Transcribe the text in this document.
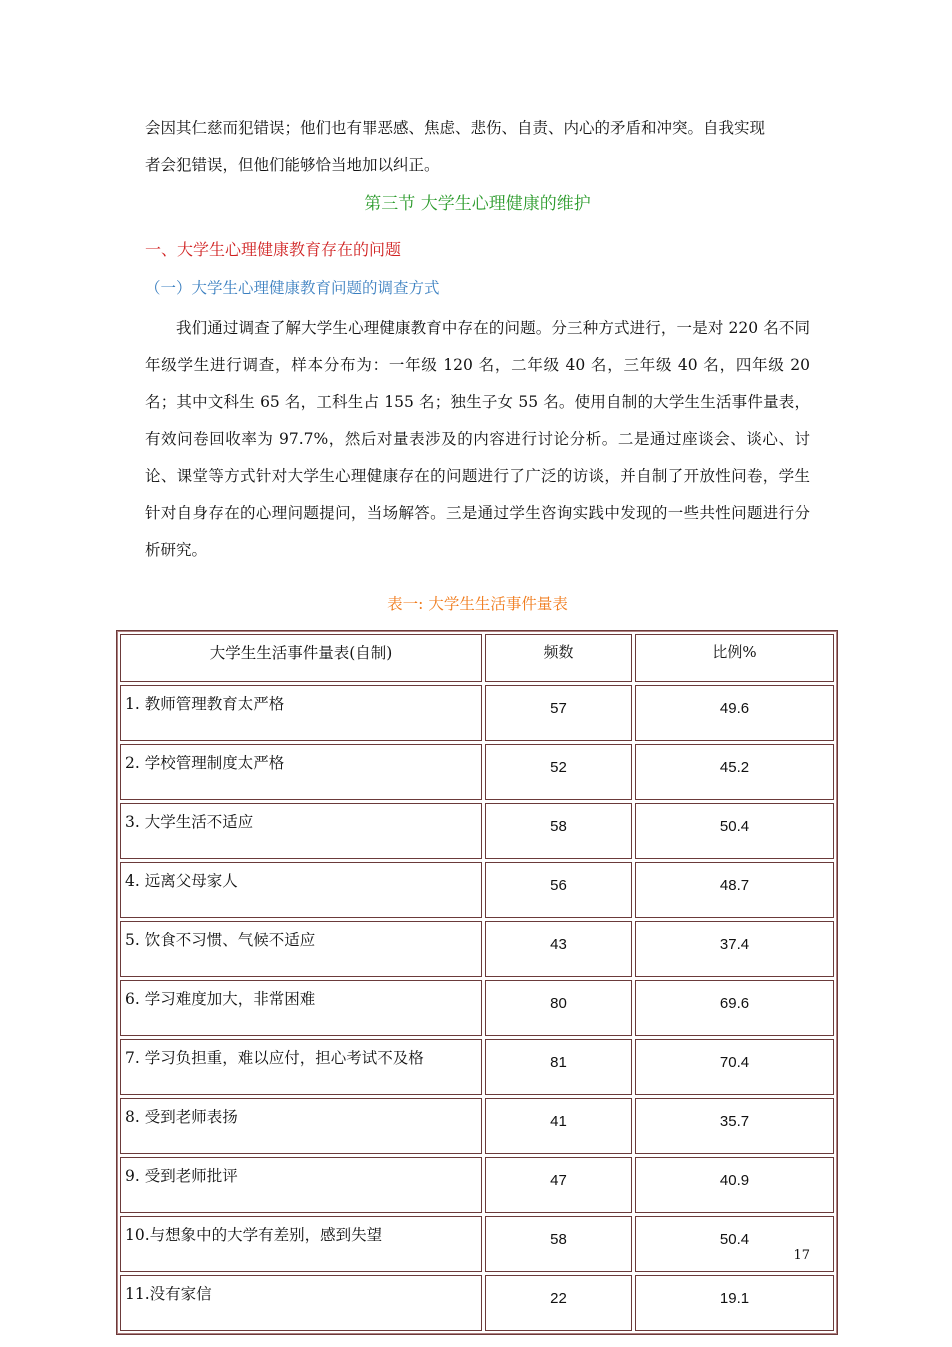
会因其仁慈而犯错误；他们也有罪恶感、焦虑、悲伤、自责、内心的矛盾和冲突。自我实现

者会犯错误，但他们能够恰当地加以纠正。

第三节 大学生心理健康的维护
一、大学生心理健康教育存在的问题
（一）大学生心理健康教育问题的调查方式

我们通过调查了解大学生心理健康教育中存在的问题。分三种方式进行，一是对 220 名不同年级学生进行调查，样本分布为：一年级 120 名，二年级 40 名，三年级 40 名，四年级 20 名；其中文科生 65 名，工科生占 155 名；独生子女 55 名。使用自制的大学生生活事件量表，有效问卷回收率为 97.7%，然后对量表涉及的内容进行讨论分析。二是通过座谈会、谈心、讨论、课堂等方式针对大学生心理健康存在的问题进行了广泛的访谈，并自制了开放性问卷，学生针对自身存在的心理问题提问，当场解答。三是通过学生咨询实践中发现的一些共性问题进行分析研究。

表一: 大学生生活事件量表
大学生生活事件量表(自制)	频数	比例%
1. 教师管理教育太严格	57	49.6
2. 学校管理制度太严格	52	45.2
3. 大学生活不适应	58	50.4
4. 远离父母家人	56	48.7
5. 饮食不习惯、气候不适应	43	37.4
6. 学习难度加大，非常困难	80	69.6
7. 学习负担重，难以应付，担心考试不及格	81	70.4
8. 受到老师表扬	41	35.7
9. 受到老师批评	47	40.9
10.与想象中的大学有差别，感到失望	58	50.4
11.没有家信	22	19.1
17
